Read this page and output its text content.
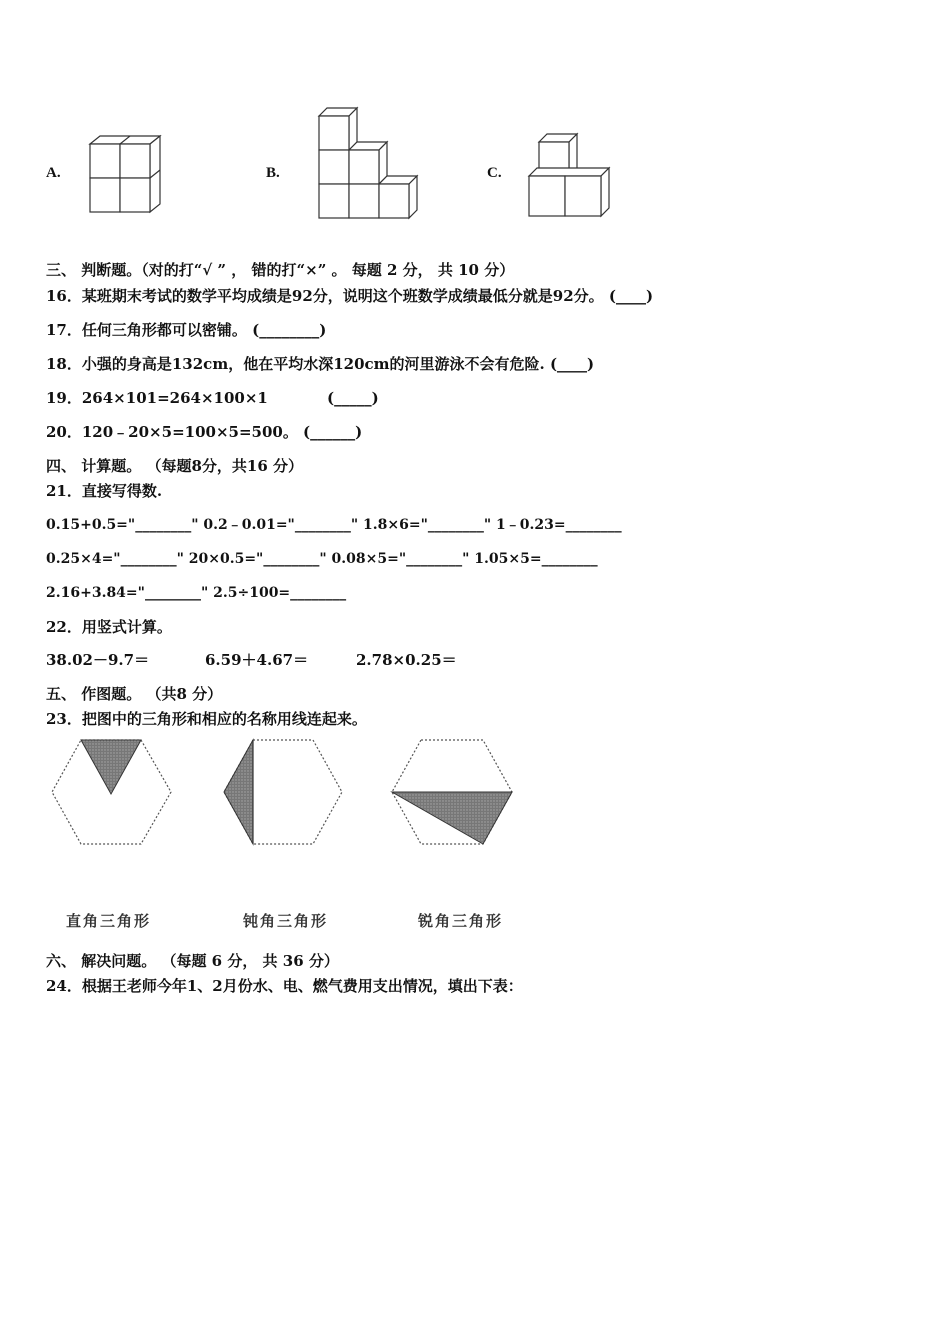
A.	B.	C.
三、 判断题。（对的打“√ ” ， 错的打“×” 。 每题 2 分， 共 10 分）
16．某班期末考试的数学平均成绩是92分，说明这个班数学成绩最低分就是92分。 (____)
17．任何三角形都可以密铺。 (________)
18．小强的身高是132cm，他在平均水深120cm的河里游泳不会有危险. (____)
19．264×101=264×100×1	(_____)
20．120﹣20×5=100×5=500。 (______)
四、 计算题。 （每题8分，共16 分）
21．直接写得数.
0.15+0.5="________" 0.2﹣0.01="________" 1.8×6="________" 1﹣0.23=________
0.25×4="________" 20×0.5="________" 0.08×5="________" 1.05×5=________
2.16+3.84="________" 2.5÷100=________
22．用竖式计算。
38.02－9.7＝	6.59＋4.67＝	2.78×0.25＝
五、 作图题。 （共8 分）
23．把图中的三角形和相应的名称用线连起来。
直角三角形	钝角三角形	锐角三角形
六、 解决问题。 （每题 6 分， 共 36 分）
24．根据王老师今年1、2月份水、电、燃气费用支出情况，填出下表：
